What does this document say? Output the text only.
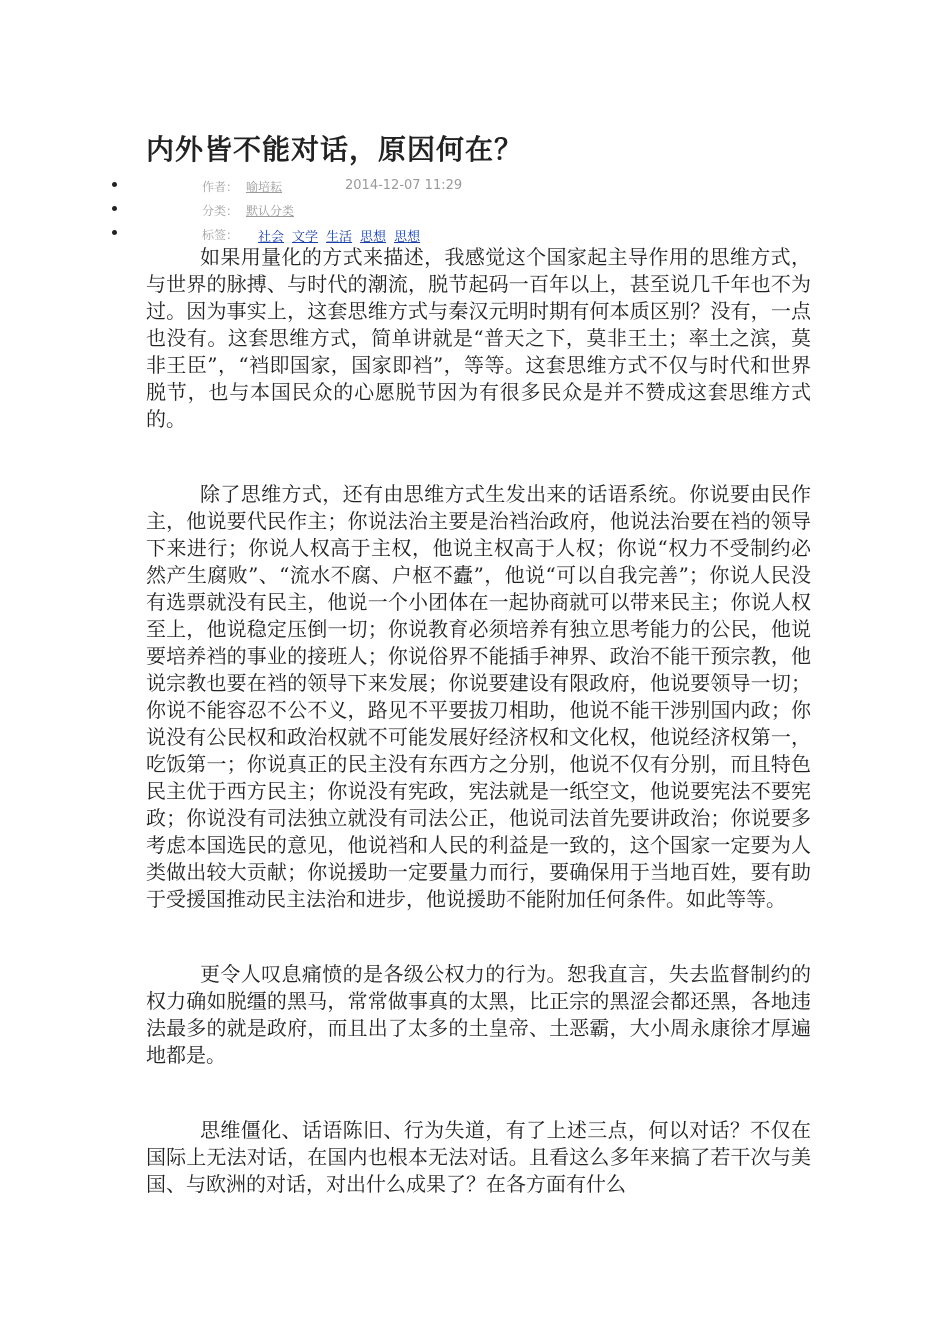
内外皆不能对话，原因何在？
作者： 喻培耘	2014-12-07 11:29
分类： 默认分类
标签： 社会 文学 生活 思想 思想

如果用量化的方式来描述，我感觉这个国家起主导作用的思维方式，与世界的脉搏、与时代的潮流，脱节起码一百年以上，甚至说几千年也不为过。因为事实上，这套思维方式与秦汉元明时期有何本质区别？没有，一点也没有。这套思维方式，简单讲就是“普天之下，莫非王土；率土之滨，莫非王臣”，“裆即国家，国家即裆”，等等。这套思维方式不仅与时代和世界脱节，也与本国民众的心愿脱节因为有很多民众是并不赞成这套思维方式的。

除了思维方式，还有由思维方式生发出来的话语系统。你说要由民作主，他说要代民作主；你说法治主要是治裆治政府，他说法治要在裆的领导下来进行；你说人权高于主权，他说主权高于人权；你说“权力不受制约必然产生腐败”、“流水不腐、户枢不蠹”，他说“可以自我完善”；你说人民没有选票就没有民主，他说一个小团体在一起协商就可以带来民主；你说人权至上，他说稳定压倒一切；你说教育必须培养有独立思考能力的公民，他说要培养裆的事业的接班人；你说俗界不能插手神界、政治不能干预宗教，他说宗教也要在裆的领导下来发展；你说要建设有限政府，他说要领导一切；你说不能容忍不公不义，路见不平要拔刀相助，他说不能干涉别国内政；你说没有公民权和政治权就不可能发展好经济权和文化权，他说经济权第一，吃饭第一；你说真正的民主没有东西方之分别，他说不仅有分别，而且特色民主优于西方民主；你说没有宪政，宪法就是一纸空文，他说要宪法不要宪政；你说没有司法独立就没有司法公正，他说司法首先要讲政治；你说要多考虑本国选民的意见，他说裆和人民的利益是一致的，这个国家一定要为人类做出较大贡献；你说援助一定要量力而行，要确保用于当地百姓，要有助于受援国推动民主法治和进步，他说援助不能附加任何条件。如此等等。

更令人叹息痛愤的是各级公权力的行为。恕我直言，失去监督制约的权力确如脱缰的黑马，常常做事真的太黑，比正宗的黑涩会都还黑，各地违法最多的就是政府，而且出了太多的土皇帝、土恶霸，大小周永康徐才厚遍地都是。

思维僵化、话语陈旧、行为失道，有了上述三点，何以对话？不仅在国际上无法对话，在国内也根本无法对话。且看这么多年来搞了若干次与美国、与欧洲的对话，对出什么成果了？在各方面有什么
